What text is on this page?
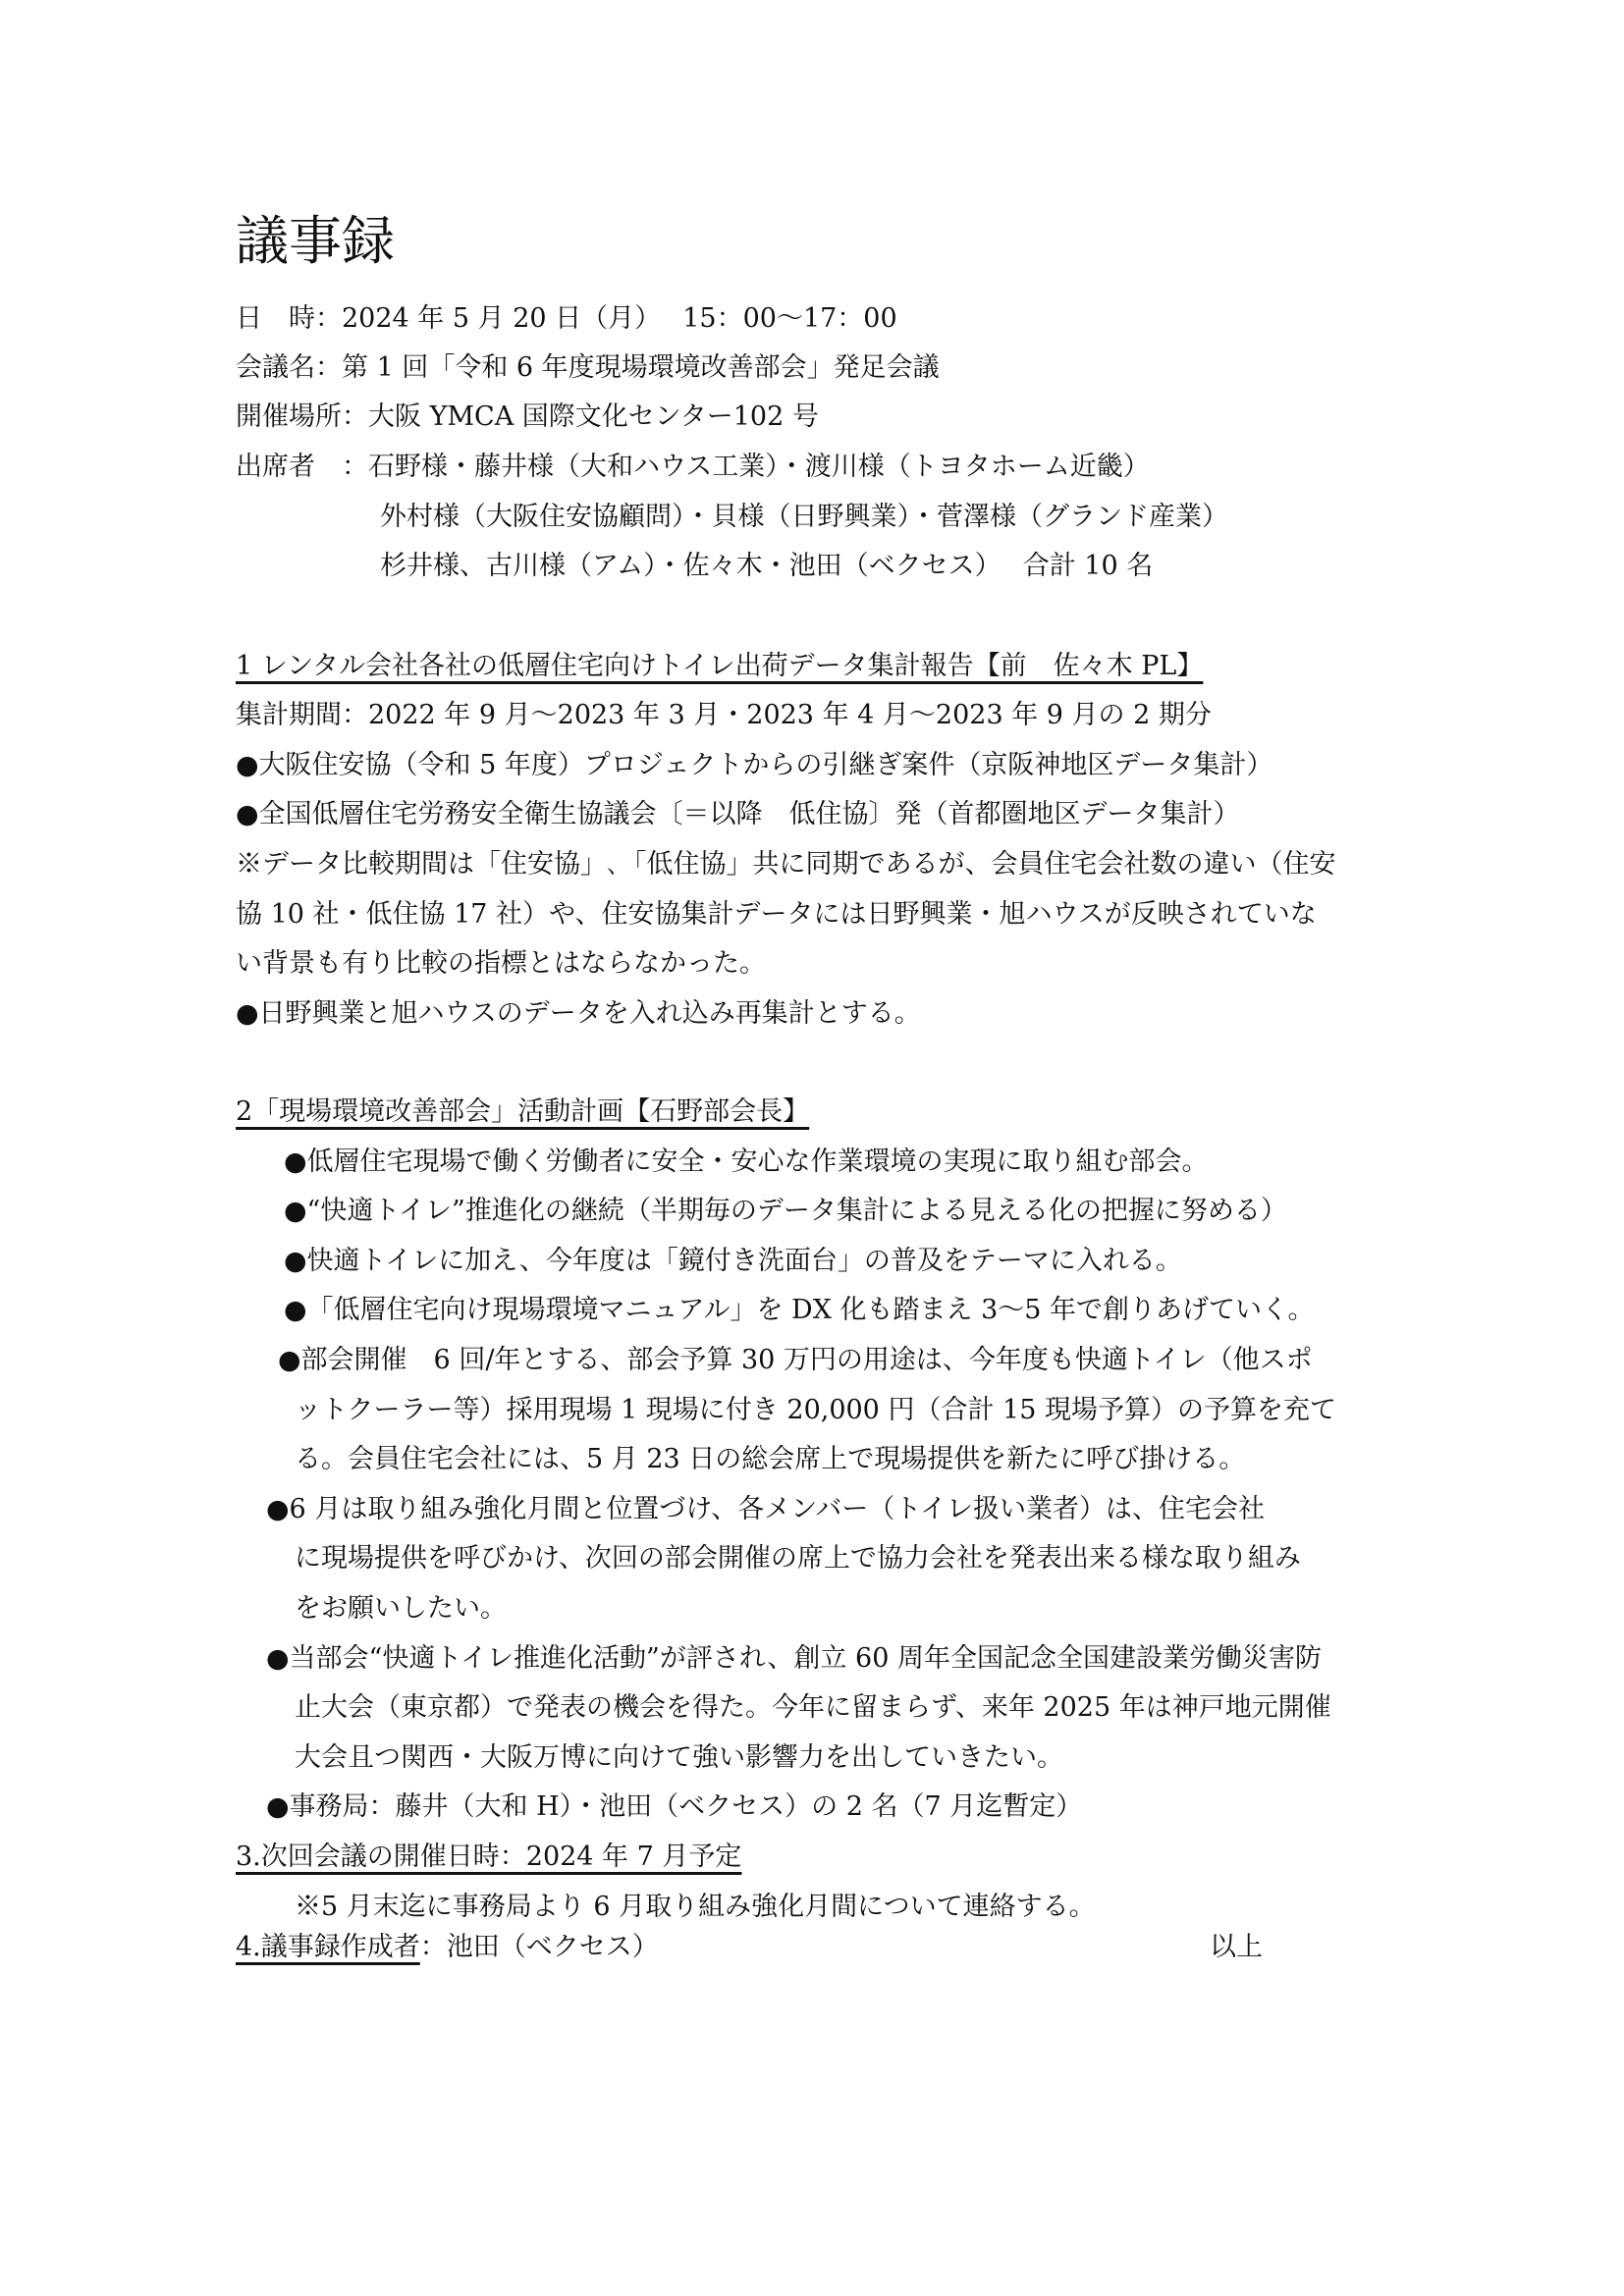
議事録
日　時：2024 年 5 月 20 日（月）　 15：00～17：00
会議名：第 1 回「令和 6 年度現場環境改善部会」発足会議
開催場所：大阪 YMCA 国際文化センター102 号
出席者　：石野様・藤井様（大和ハウス工業）・渡川様（トヨタホーム近畿）
外村様（大阪住安協顧問）・貝様（日野興業）・菅澤様（グランド産業）
杉井様、古川様（アム）・佐々木・池田（ベクセス）　 合計 10 名
1 レンタル会社各社の低層住宅向けトイレ出荷データ集計報告【前　佐々木 PL】
集計期間：2022 年 9 月～2023 年 3 月・2023 年 4 月～2023 年 9 月の 2 期分
●大阪住安協（令和 5 年度）プロジェクトからの引継ぎ案件（京阪神地区データ集計）
●全国低層住宅労務安全衛生協議会〔＝以降　低住協〕発（首都圏地区データ集計）
※データ比較期間は「住安協」､「低住協」共に同期であるが、会員住宅会社数の違い（住安
協 10 社・低住協 17 社）や、住安協集計データには日野興業・旭ハウスが反映されていな
い背景も有り比較の指標とはならなかった。
●日野興業と旭ハウスのデータを入れ込み再集計とする。
2「現場環境改善部会」活動計画【石野部会長】
●低層住宅現場で働く労働者に安全・安心な作業環境の実現に取り組む部会。
●“快適トイレ”推進化の継続（半期毎のデータ集計による見える化の把握に努める）
●快適トイレに加え、今年度は「鏡付き洗面台」の普及をテーマに入れる。
●「低層住宅向け現場環境マニュアル」を DX 化も踏まえ 3～5 年で創りあげていく。
●部会開催　6 回/年とする、部会予算 30 万円の用途は、今年度も快適トイレ（他スポ
ットクーラー等）採用現場 1 現場に付き 20,000 円（合計 15 現場予算）の予算を充て
る。会員住宅会社には、5 月 23 日の総会席上で現場提供を新たに呼び掛ける。
●6 月は取り組み強化月間と位置づけ、各メンバー（トイレ扱い業者）は、住宅会社
に現場提供を呼びかけ、次回の部会開催の席上で協力会社を発表出来る様な取り組み
をお願いしたい。
●当部会“快適トイレ推進化活動”が評され、創立 60 周年全国記念全国建設業労働災害防
止大会（東京都）で発表の機会を得た。今年に留まらず、来年 2025 年は神戸地元開催
大会且つ関西・大阪万博に向けて強い影響力を出していきたい。
●事務局：藤井（大和 H）・池田（ベクセス）の 2 名（7 月迄暫定）
3.次回会議の開催日時：2024 年 7 月予定
※5 月末迄に事務局より 6 月取り組み強化月間について連絡する。
4.議事録作成者：池田（ベクセス）	以上
